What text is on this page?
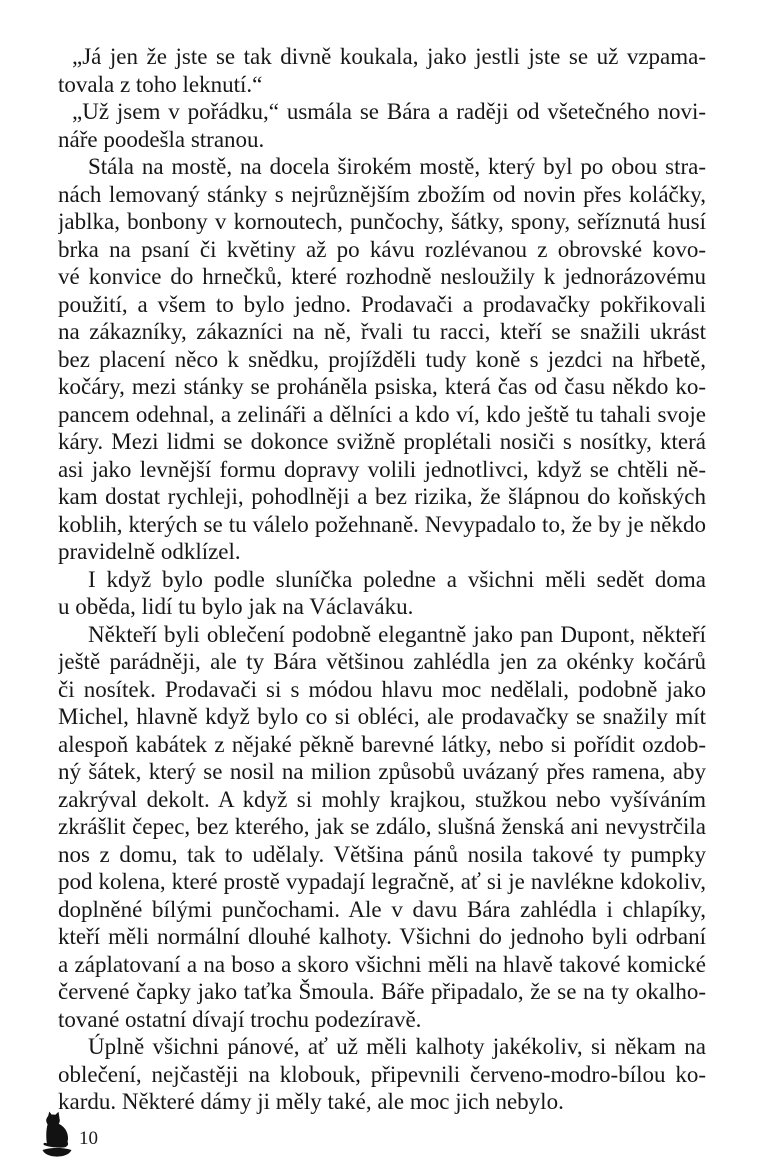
„Já jen že jste se tak divně koukala, jako jestli jste se už vzpama-
tovala z toho leknutí.“
„Už jsem v pořádku,“ usmála se Bára a raději od všetečného novi-
náře poodešla stranou.
Stála na mostě, na docela širokém mostě, který byl po obou stra-
nách lemovaný stánky s nejrůznějším zbožím od novin přes koláčky,
jablka, bonbony v kornoutech, punčochy, šátky, spony, seříznutá husí
brka na psaní či květiny až po kávu rozlévanou z obrovské kovo-
vé konvice do hrnečků, které rozhodně nesloužily k jednorázovému
použití, a všem to bylo jedno. Prodavači a prodavačky pokřikovali
na zákazníky, zákazníci na ně, řvali tu racci, kteří se snažili ukrást
bez placení něco k snědku, projížděli tudy koně s jezdci na hřbetě,
kočáry, mezi stánky se proháněla psiska, která čas od času někdo ko-
pancem odehnal, a zelináři a dělníci a kdo ví, kdo ještě tu tahali svoje
káry. Mezi lidmi se dokonce svižně proplétali nosiči s nosítky, která
asi jako levnější formu dopravy volili jednotlivci, když se chtěli ně-
kam dostat rychleji, pohodlněji a bez rizika, že šlápnou do koňských
koblih, kterých se tu válelo požehnaně. Nevypadalo to, že by je někdo
pravidelně odklízel.
I když bylo podle sluníčka poledne a všichni měli sedět doma
u oběda, lidí tu bylo jak na Václaváku.
Někteří byli oblečení podobně elegantně jako pan Dupont, někteří
ještě parádněji, ale ty Bára většinou zahlédla jen za okénky kočárů
či nosítek. Prodavači si s módou hlavu moc nedělali, podobně jako
Michel, hlavně když bylo co si obléci, ale prodavačky se snažily mít
alespoň kabátek z nějaké pěkně barevné látky, nebo si pořídit ozdob-
ný šátek, který se nosil na milion způsobů uvázaný přes ramena, aby
zakrýval dekolt. A když si mohly krajkou, stužkou nebo vyšíváním
zkrášlit čepec, bez kterého, jak se zdálo, slušná ženská ani nevystrčila
nos z domu, tak to udělaly. Většina pánů nosila takové ty pumpky
pod kolena, které prostě vypadají legračně, ať si je navlékne kdokoliv,
doplněné bílými punčochami. Ale v davu Bára zahlédla i chlapíky,
kteří měli normální dlouhé kalhoty. Všichni do jednoho byli odrbaní
a záplatovaní a na boso a skoro všichni měli na hlavě takové komické
červené čapky jako taťka Šmoula. Báře připadalo, že se na ty okalho-
tované ostatní dívají trochu podezíravě.
Úplně všichni pánové, ať už měli kalhoty jakékoliv, si někam na
oblečení, nejčastěji na klobouk, připevnili červeno-modro-bílou ko-
kardu. Některé dámy ji měly také, ale moc jich nebylo.
10
